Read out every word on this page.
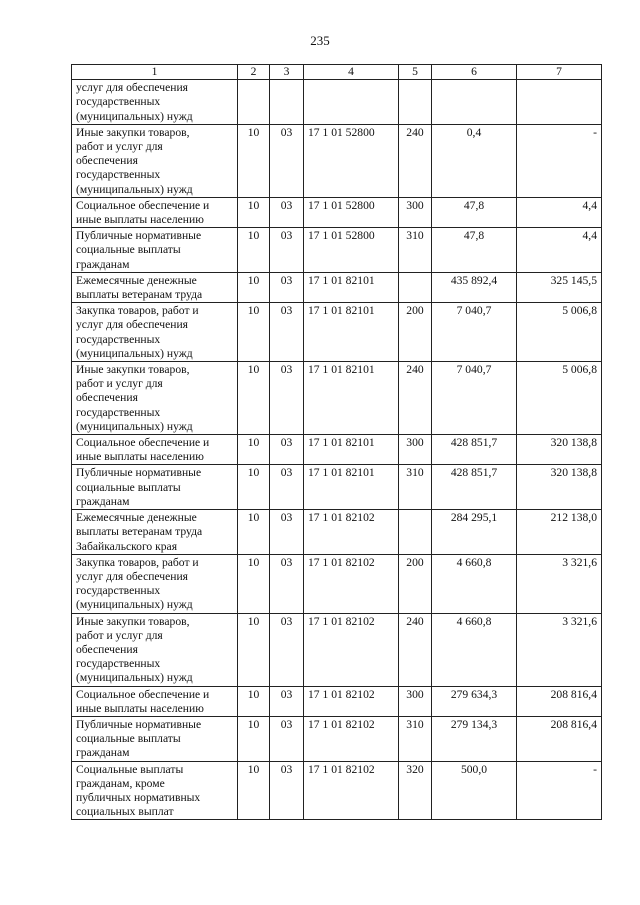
235
1	2	3	4	5	6	7

услуг для обеспечения
государственных
(муниципальных) нужд						

Иные закупки товаров,
работ и услуг для
обеспечения
государственных
(муниципальных) нужд	10	03	17 1 01 52800	240	0,4	-

Социальное обеспечение и
иные выплаты населению	10	03	17 1 01 52800	300	47,8	4,4

Публичные нормативные
социальные выплаты
гражданам	10	03	17 1 01 52800	310	47,8	4,4

Ежемесячные денежные
выплаты ветеранам труда	10	03	17 1 01 82101		435 892,4	325 145,5

Закупка товаров, работ и
услуг для обеспечения
государственных
(муниципальных) нужд	10	03	17 1 01 82101	200	7 040,7	5 006,8

Иные закупки товаров,
работ и услуг для
обеспечения
государственных
(муниципальных) нужд	10	03	17 1 01 82101	240	7 040,7	5 006,8

Социальное обеспечение и
иные выплаты населению	10	03	17 1 01 82101	300	428 851,7	320 138,8

Публичные нормативные
социальные выплаты
гражданам	10	03	17 1 01 82101	310	428 851,7	320 138,8

Ежемесячные денежные
выплаты ветеранам труда
Забайкальского края	10	03	17 1 01 82102		284 295,1	212 138,0

Закупка товаров, работ и
услуг для обеспечения
государственных
(муниципальных) нужд	10	03	17 1 01 82102	200	4 660,8	3 321,6

Иные закупки товаров,
работ и услуг для
обеспечения
государственных
(муниципальных) нужд	10	03	17 1 01 82102	240	4 660,8	3 321,6

Социальное обеспечение и
иные выплаты населению	10	03	17 1 01 82102	300	279 634,3	208 816,4

Публичные нормативные
социальные выплаты
гражданам	10	03	17 1 01 82102	310	279 134,3	208 816,4

Социальные выплаты
гражданам, кроме
публичных нормативных
социальных выплат	10	03	17 1 01 82102	320	500,0	-
